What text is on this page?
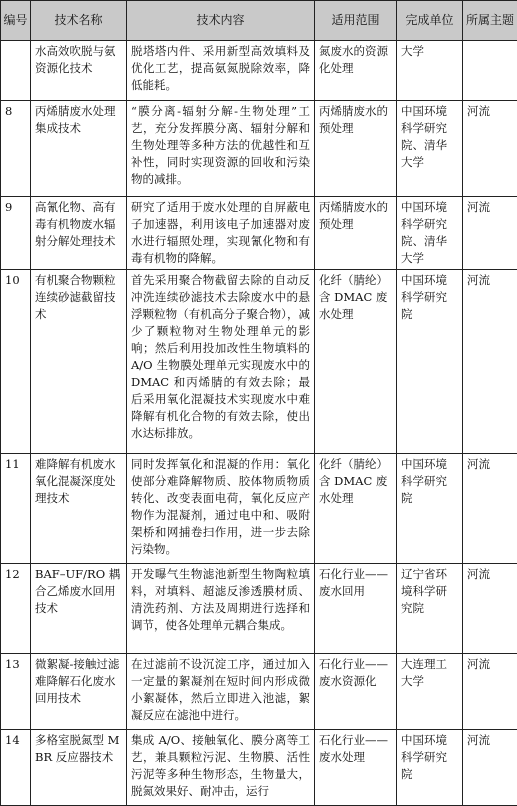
编号	技术名称	技术内容	适用范围	完成单位	所属主题
	水高效吹脱与氨资源化技术	脱塔塔内件、采用新型高效填料及优化工艺，提高氨氮脱除效率，降低能耗。	氮废水的资源化处理	大学	
8	丙烯腈废水处理集成技术	“膜分离-辐射分解-生物处理”工艺，充分发挥膜分离、辐射分解和生物处理等多种方法的优越性和互补性，同时实现资源的回收和污染物的减排。	丙烯腈废水的预处理	中国环境科学研究院、清华大学	河流
9	高氰化物、高有毒有机物废水辐射分解处理技术	研究了适用于废水处理的自屏蔽电子加速器，利用该电子加速器对废水进行辐照处理，实现氰化物和有毒有机物的降解。	丙烯腈废水的预处理	中国环境科学研究院、清华大学	河流
10	有机聚合物颗粒连续砂滤截留技术	首先采用聚合物截留去除的自动反冲洗连续砂滤技术去除废水中的悬浮颗粒物（有机高分子聚合物），减少了颗粒物对生物处理单元的影响；然后利用投加改性生物填料的 A/O 生物膜处理单元实现废水中的 DMAC 和丙烯腈的有效去除；最后采用氧化混凝技术实现废水中难降解有机化合物的有效去除，使出水达标排放。	化纤（腈纶）含 DMAC 废水处理	中国环境科学研究院	河流
11	难降解有机废水氧化混凝深度处理技术	同时发挥氧化和混凝的作用：氧化使部分难降解物质、胶体物质物质转化、改变表面电荷，氧化反应产物作为混凝剂，通过电中和、吸附架桥和网捕卷扫作用，进一步去除污染物。	化纤（腈纶）含 DMAC 废水处理	中国环境科学研究院	河流
12	BAF–UF/RO 耦合乙烯废水回用技术	开发曝气生物滤池新型生物陶粒填料，对填料、超滤反渗透膜材质、清洗药剂、方法及周期进行选择和调节，使各处理单元耦合集成。	石化行业——废水回用	辽宁省环境科学研究院	河流
13	微絮凝-接触过滤难降解石化废水回用技术	在过滤前不设沉淀工序，通过加入一定量的絮凝剂在短时间内形成微小絮凝体，然后立即进入池滤，絮凝反应在滤池中进行。	石化行业——废水资源化	大连理工大学	河流
14	多格室脱氮型 MBR 反应器技术	集成 A/O、接触氧化、膜分离等工艺，兼具颗粒污泥、生物膜、活性污泥等多种生物形态，生物量大，脱氮效果好、耐冲击，运行	石化行业——废水处理	中国环境科学研究院	河流
